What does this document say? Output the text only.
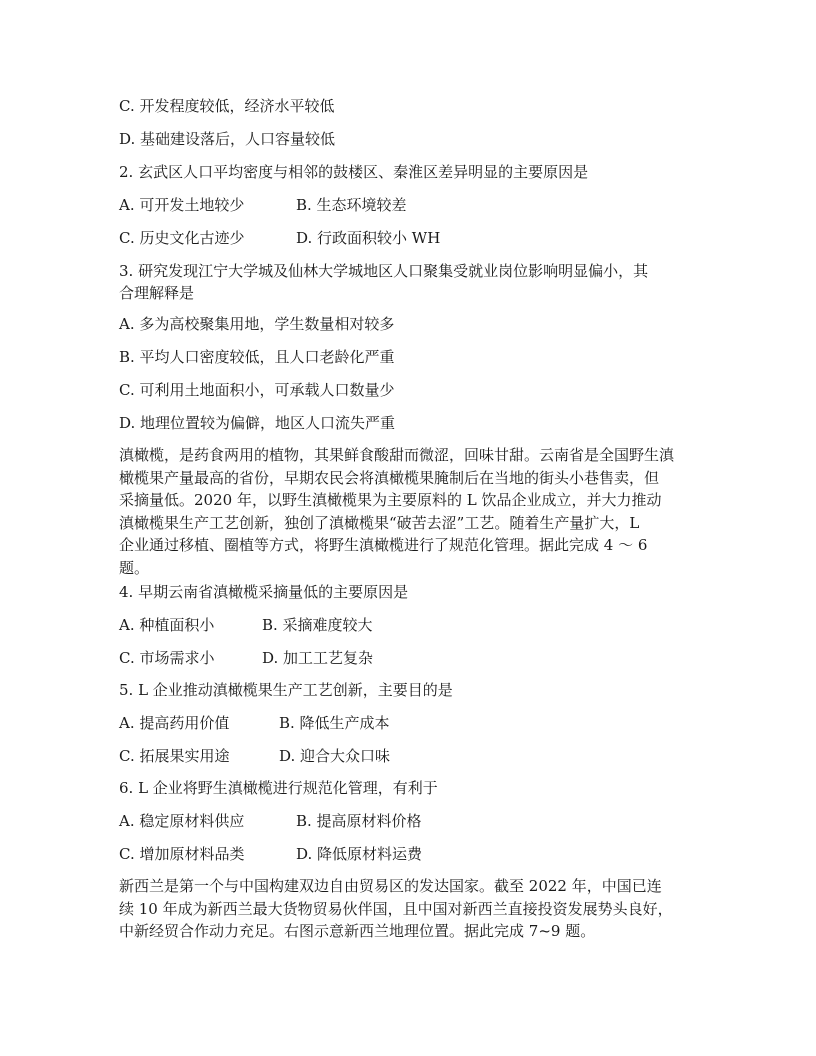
C. 开发程度较低，经济水平较低
D. 基础建设落后，人口容量较低
2. 玄武区人口平均密度与相邻的鼓楼区、秦淮区差异明显的主要原因是
A. 可开发土地较少	B. 生态环境较差
C. 历史文化古迹少	D. 行政面积较小 WH
3. 研究发现江宁大学城及仙林大学城地区人口聚集受就业岗位影响明显偏小，其
合理解释是
A. 多为高校聚集用地，学生数量相对较多
B. 平均人口密度较低，且人口老龄化严重
C. 可利用土地面积小，可承载人口数量少
D. 地理位置较为偏僻，地区人口流失严重
滇橄榄，是药食两用的植物，其果鲜食酸甜而微涩，回味甘甜。云南省是全国野生滇
橄榄果产量最高的省份，早期农民会将滇橄榄果腌制后在当地的街头小巷售卖，但
采摘量低。2020 年，以野生滇橄榄果为主要原料的 L 饮品企业成立，并大力推动
滇橄榄果生产工艺创新，独创了滇橄榄果“破苦去涩”工艺。随着生产量扩大，L
企业通过移植、圈植等方式，将野生滇橄榄进行了规范化管理。据此完成 4 ～ 6
题。
4. 早期云南省滇橄榄采摘量低的主要原因是
A. 种植面积小	B. 采摘难度较大
C. 市场需求小	D. 加工工艺复杂
5. L 企业推动滇橄榄果生产工艺创新，主要目的是
A. 提高药用价值	B. 降低生产成本
C. 拓展果实用途	D. 迎合大众口味
6. L 企业将野生滇橄榄进行规范化管理，有利于
A. 稳定原材料供应	B. 提高原材料价格
C. 增加原材料品类	D. 降低原材料运费
新西兰是第一个与中国构建双边自由贸易区的发达国家。截至 2022 年，中国已连
续 10 年成为新西兰最大货物贸易伙伴国，且中国对新西兰直接投资发展势头良好，
中新经贸合作动力充足。右图示意新西兰地理位置。据此完成 7~9 题。
